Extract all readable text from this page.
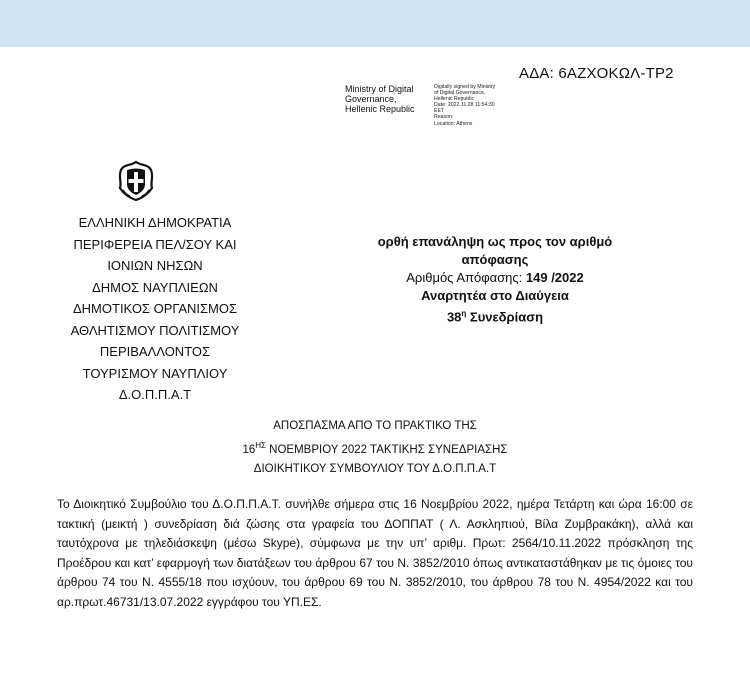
ΑΔΑ: 6ΑΖΧΟΚΩΛ-ΤΡ2
Ministry of Digital
Governance,
Hellenic Republic
Digitally signed by Ministry
of Digital Governance,
Hellenic Republic
Date: 2022.11.28 11:54:30
EET
Reason:
Location: Athens
ΕΛΛΗΝΙΚΗ ΔΗΜΟΚΡΑΤΙΑ
ΠΕΡΙΦΕΡΕΙΑ ΠΕΛ/ΣΟΥ ΚΑΙ
ΙΟΝΙΩΝ ΝΗΣΩΝ
ΔΗΜΟΣ ΝΑΥΠΛΙΕΩΝ
ΔΗΜΟΤΙΚΟΣ ΟΡΓΑΝΙΣΜΟΣ
ΑΘΛΗΤΙΣΜΟΥ ΠΟΛΙΤΙΣΜΟΥ
ΠΕΡΙΒΑΛΛΟΝΤΟΣ
ΤΟΥΡΙΣΜΟΥ ΝΑΥΠΛΙΟΥ
Δ.Ο.Π.Π.Α.Τ
ορθή επανάληψη ως προς τον αριθμό
απόφασης
Αριθμός Απόφασης: 149 /2022
Αναρτητέα στο Διαύγεια
$38^\eta$ Συνεδρίαση
ΑΠΟΣΠΑΣΜΑ ΑΠΟ ΤΟ ΠΡΑΚΤΙΚΟ ΤΗΣ
$16^{H\Sigma}$ ΝΟΕΜΒΡΙΟΥ 2022 ΤΑΚΤΙΚΗΣ ΣΥΝΕΔΡΙΑΣΗΣ
ΔΙΟΙΚΗΤΙΚΟΥ ΣΥΜΒΟΥΛΙΟΥ ΤΟΥ Δ.Ο.Π.Π.Α.Τ
Το Διοικητικό Συμβούλιο του Δ.Ο.Π.Π.Α.Τ. συνήλθε σήμερα στις 16 Νοεμβρίου 2022, ημέρα Τετάρτη και ώρα 16:00 σε τακτική (μεικτή ) συνεδρίαση διά ζώσης στα γραφεία του ΔΟΠΠΑΤ ( Λ. Ασκληπιού, Βίλα Ζυμβρακάκη), αλλά και ταυτόχρονα με τηλεδιάσκεψη (μέσω Skype), σύμφωνα με την υπ’ αριθμ. Πρωτ: 2564/10.11.2022 πρόσκληση της Προέδρου και κατ’ εφαρμογή των διατάξεων του άρθρου 67 του Ν. 3852/2010 όπως αντικαταστάθηκαν με τις όμοιες του άρθρου 74 του Ν. 4555/18 που ισχύουν, του άρθρου 69 του Ν. 3852/2010, του άρθρου 78 του Ν. 4954/2022 και του αρ.πρωτ.46731/13.07.2022 εγγράφου του ΥΠ.ΕΣ.
